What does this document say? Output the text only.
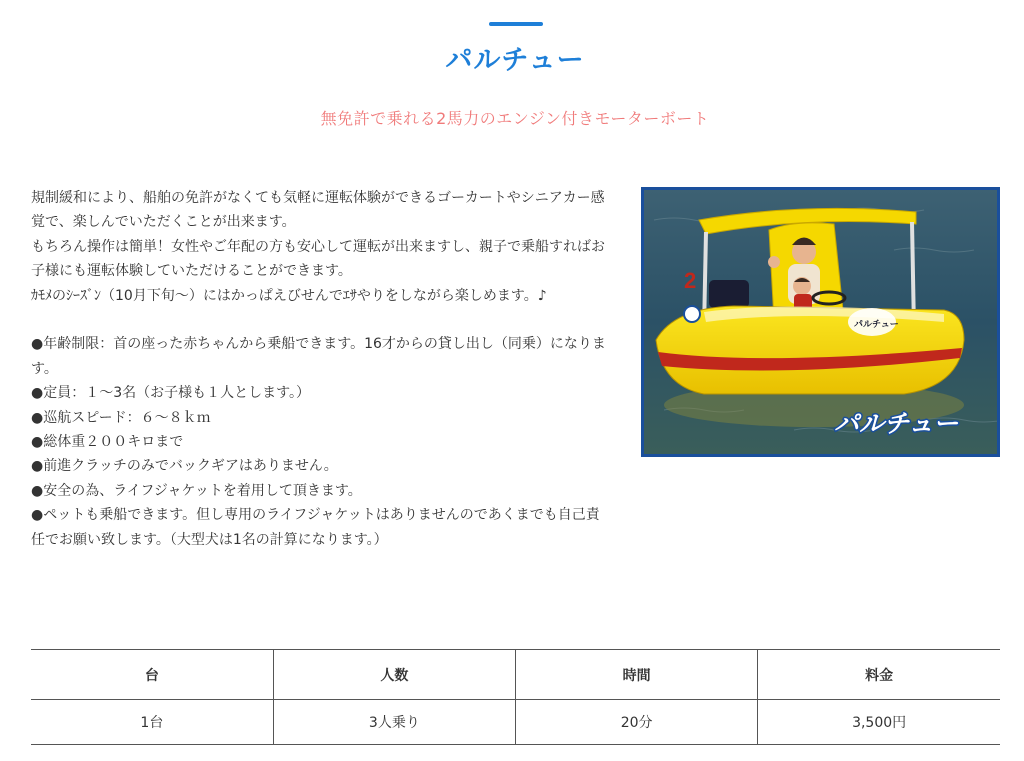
パルチュー
無免許で乗れる2馬力のエンジン付きモーターボート

規制緩和により、船舶の免許がなくても気軽に運転体験ができるゴーカートやシニアカー感覚で、楽しんでいただくことが出来ます。

もちろん操作は簡単！女性やご年配の方も安心して運転が出来ますし、親子で乗船すればお子様にも運転体験していただけることができます。

ｶﾓﾒのｼｰｽﾞﾝ（10月下旬～）にはかっぱえびせんでｴｻやりをしながら楽しめます。♪

●年齢制限：首の座った赤ちゃんから乗船できます。16才からの貸し出し（同乗）になります。

●定員：１～3名（お子様も１人とします。）

●巡航スピード：６～８ｋｍ

●総体重２００キロまで

●前進クラッチのみでバックギアはありません。

●安全の為、ライフジャケットを着用して頂きます。

●ペットも乗船できます。但し専用のライフジャケットはありませんのであくまでも自己責任でお願い致します。（大型犬は1名の計算になります。）

2
パルチュー
パルチュー
台	人数	時間	料金
1台	3人乗り	20分	3,500円
